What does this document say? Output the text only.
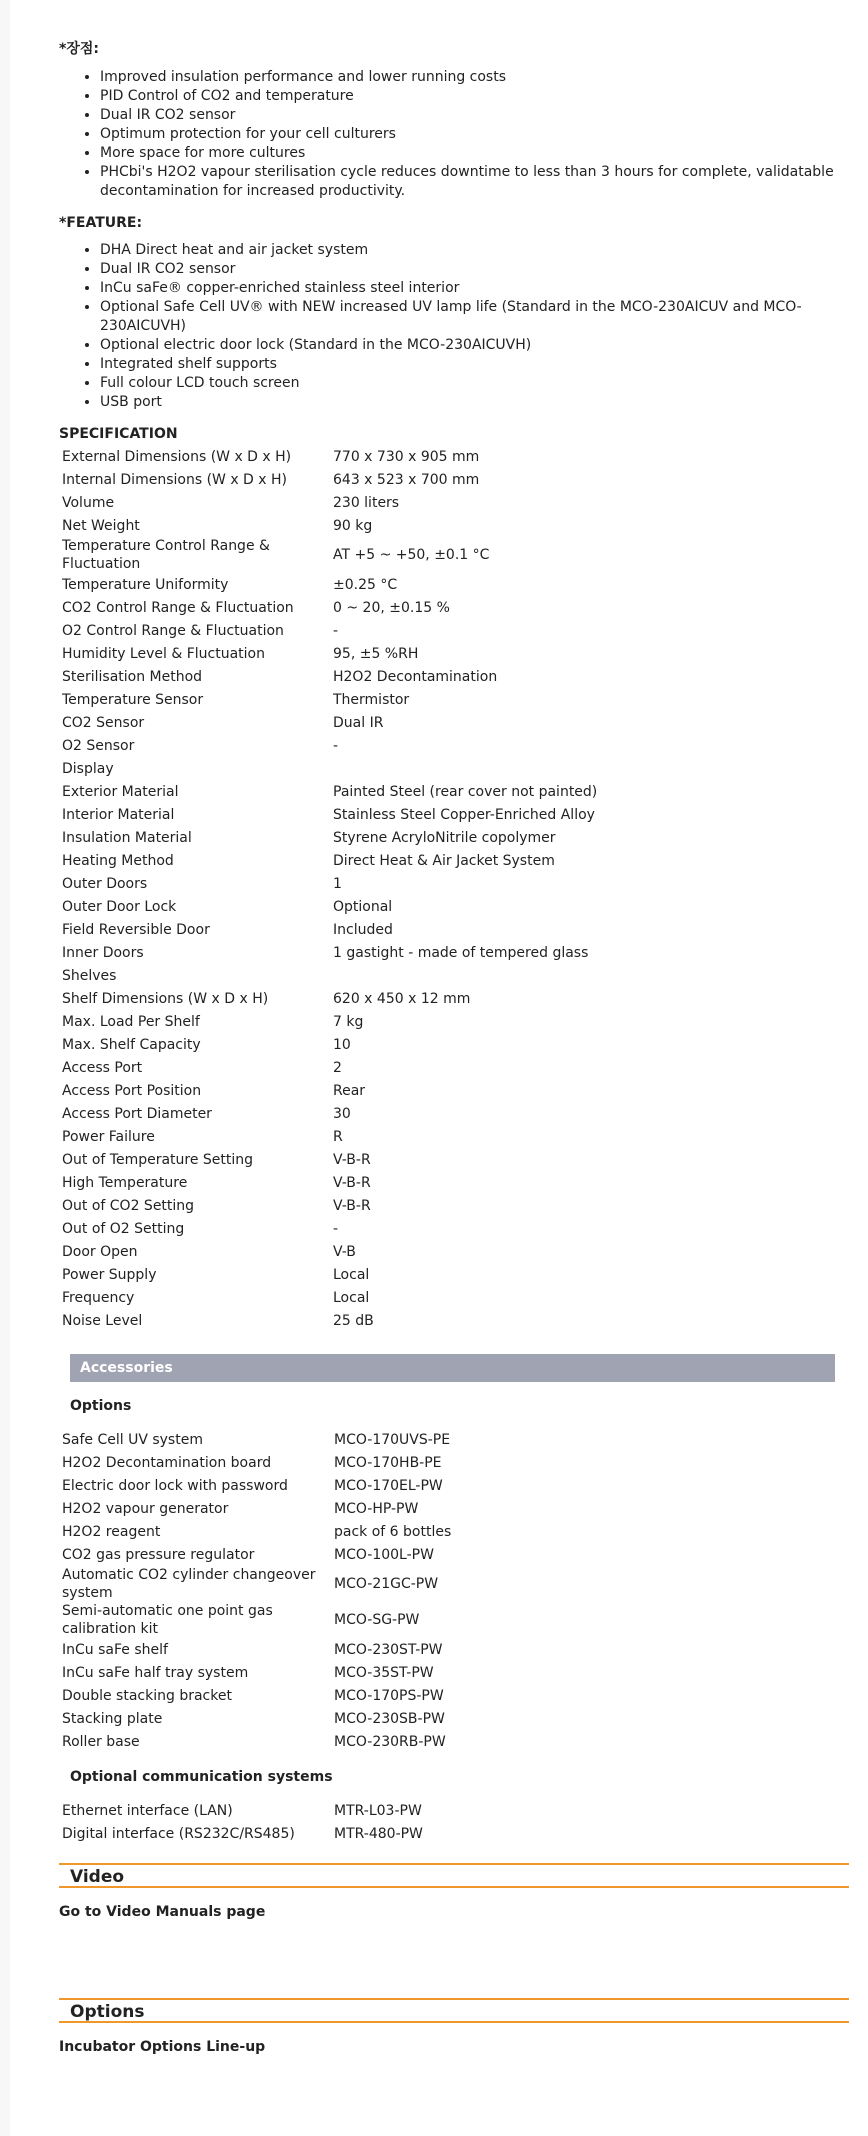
*장점:

• Improved insulation performance and lower running costs
• PID Control of CO2 and temperature
• Dual IR CO2 sensor
• Optimum protection for your cell culturers
• More space for more cultures
• PHCbi's H2O2 vapour sterilisation cycle reduces downtime to less than 3 hours for complete, validatable decontamination for increased productivity.

*FEATURE:

• DHA Direct heat and air jacket system
• Dual IR CO2 sensor
• InCu saFe® copper-enriched stainless steel interior
• Optional Safe Cell UV® with NEW increased UV lamp life (Standard in the MCO-230AICUV and MCO-230AICUVH)
• Optional electric door lock (Standard in the MCO-230AICUVH)
• Integrated shelf supports
• Full colour LCD touch screen
• USB port
SPECIFICATION
External Dimensions (W x D x H)	770 x 730 x 905 mm
Internal Dimensions (W x D x H)	643 x 523 x 700 mm
Volume	230 liters
Net Weight	90 kg
Temperature Control Range & Fluctuation	AT +5 ~ +50, ±0.1 °C
Temperature Uniformity	±0.25 °C
CO2 Control Range & Fluctuation	0 ~ 20, ±0.15 %
O2 Control Range & Fluctuation	-
Humidity Level & Fluctuation	95, ±5 %RH
Sterilisation Method	H2O2 Decontamination
Temperature Sensor	Thermistor
CO2 Sensor	Dual IR
O2 Sensor	-
Display	
Exterior Material	Painted Steel (rear cover not painted)
Interior Material	Stainless Steel Copper-Enriched Alloy
Insulation Material	Styrene AcryloNitrile copolymer
Heating Method	Direct Heat & Air Jacket System
Outer Doors	1
Outer Door Lock	Optional
Field Reversible Door	Included
Inner Doors	1 gastight - made of tempered glass
Shelves	
Shelf Dimensions (W x D x H)	620 x 450 x 12 mm
Max. Load Per Shelf	7 kg
Max. Shelf Capacity	10
Access Port	2
Access Port Position	Rear
Access Port Diameter	30
Power Failure	R
Out of Temperature Setting	V-B-R
High Temperature	V-B-R
Out of CO2 Setting	V-B-R
Out of O2 Setting	-
Door Open	V-B
Power Supply	Local
Frequency	Local
Noise Level	25 dB
Accessories
Options
Safe Cell UV system	MCO-170UVS-PE
H2O2 Decontamination board	MCO-170HB-PE
Electric door lock with password	MCO-170EL-PW
H2O2 vapour generator	MCO-HP-PW
H2O2 reagent	pack of 6 bottles
CO2 gas pressure regulator	MCO-100L-PW
Automatic CO2 cylinder changeover system	MCO-21GC-PW
Semi-automatic one point gas calibration kit	MCO-SG-PW
InCu saFe shelf	MCO-230ST-PW
InCu saFe half tray system	MCO-35ST-PW
Double stacking bracket	MCO-170PS-PW
Stacking plate	MCO-230SB-PW
Roller base	MCO-230RB-PW
Optional communication systems
Ethernet interface (LAN)	MTR-L03-PW
Digital interface (RS232C/RS485)	MTR-480-PW
Video
Go to Video Manuals page
Options
Incubator Options Line-up
